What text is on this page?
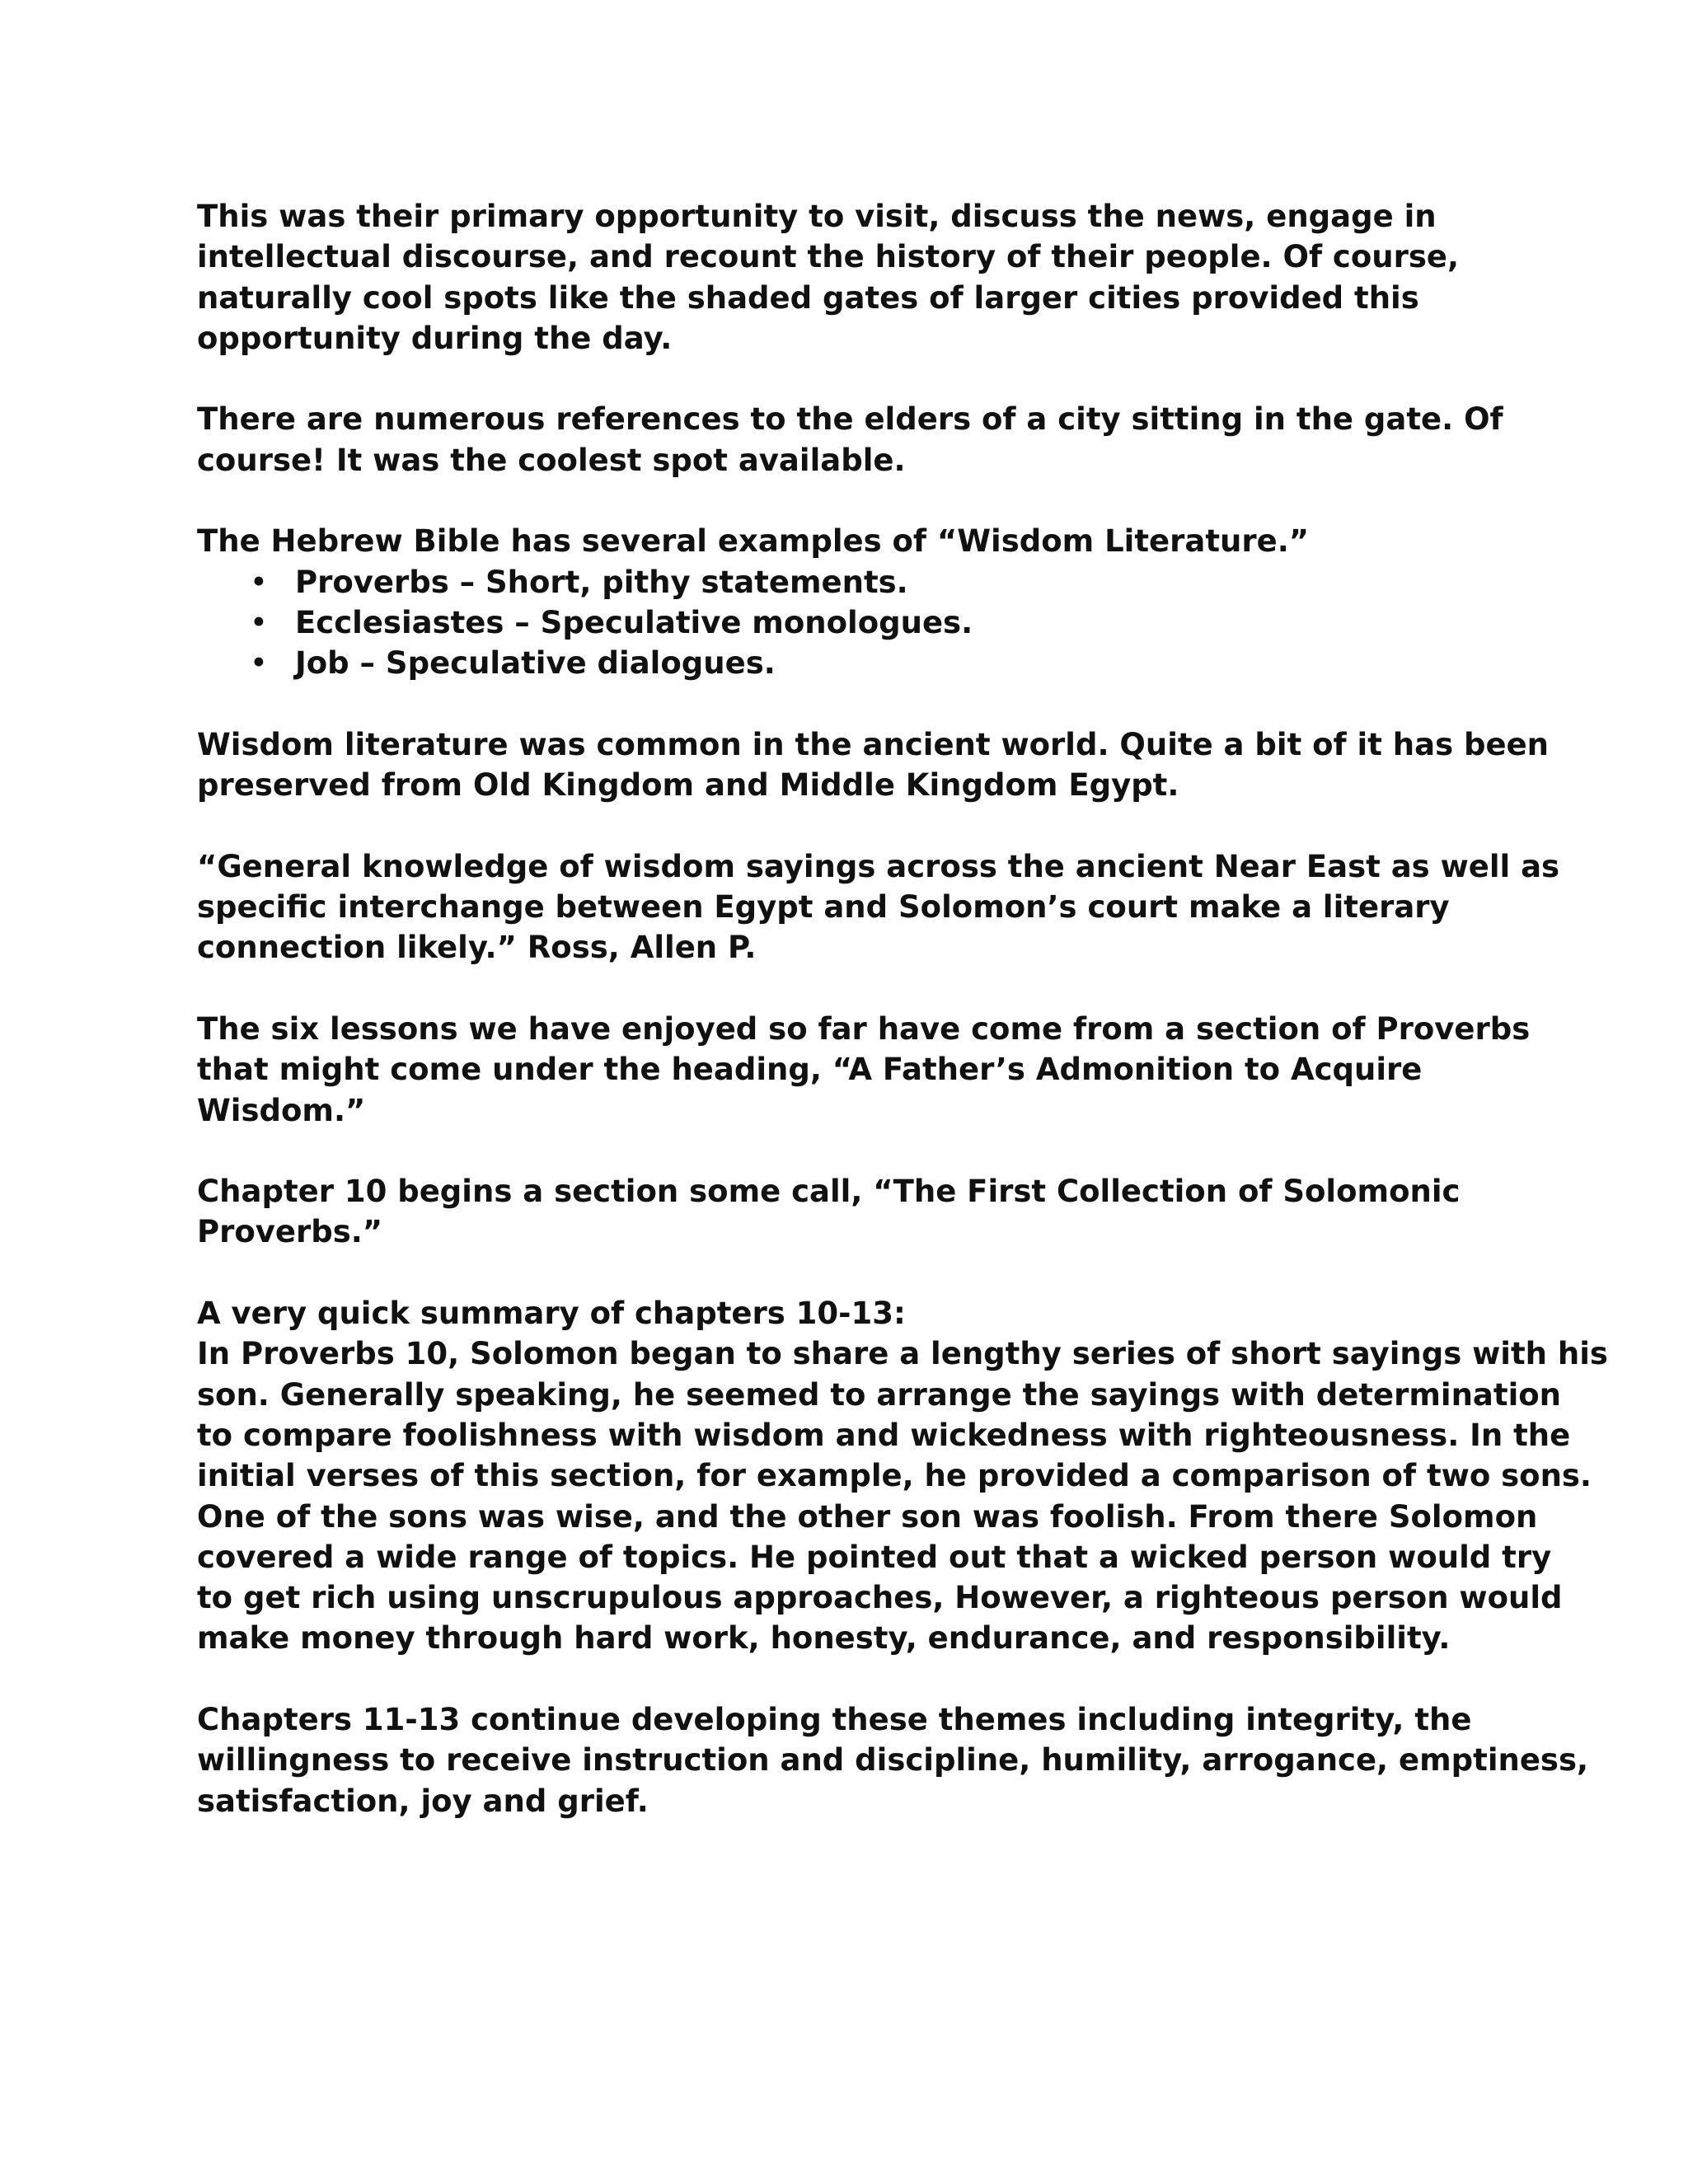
This was their primary opportunity to visit, discuss the news, engage in
intellectual discourse, and recount the history of their people. Of course,
naturally cool spots like the shaded gates of larger cities provided this
opportunity during the day.

There are numerous references to the elders of a city sitting in the gate. Of
course! It was the coolest spot available.

The Hebrew Bible has several examples of “Wisdom Literature.”

• Proverbs – Short, pithy statements.
• Ecclesiastes – Speculative monologues.
• Job – Speculative dialogues.

Wisdom literature was common in the ancient world. Quite a bit of it has been
preserved from Old Kingdom and Middle Kingdom Egypt.

“General knowledge of wisdom sayings across the ancient Near East as well as
specific interchange between Egypt and Solomon’s court make a literary
connection likely.” Ross, Allen P.

The six lessons we have enjoyed so far have come from a section of Proverbs
that might come under the heading, “A Father’s Admonition to Acquire
Wisdom.”

Chapter 10 begins a section some call, “The First Collection of Solomonic
Proverbs.”

A very quick summary of chapters 10-13:
In Proverbs 10, Solomon began to share a lengthy series of short sayings with his
son. Generally speaking, he seemed to arrange the sayings with determination
to compare foolishness with wisdom and wickedness with righteousness. In the
initial verses of this section, for example, he provided a comparison of two sons.
One of the sons was wise, and the other son was foolish. From there Solomon
covered a wide range of topics. He pointed out that a wicked person would try
to get rich using unscrupulous approaches, However, a righteous person would
make money through hard work, honesty, endurance, and responsibility.

Chapters 11-13 continue developing these themes including integrity, the
willingness to receive instruction and discipline, humility, arrogance, emptiness,
satisfaction, joy and grief.
